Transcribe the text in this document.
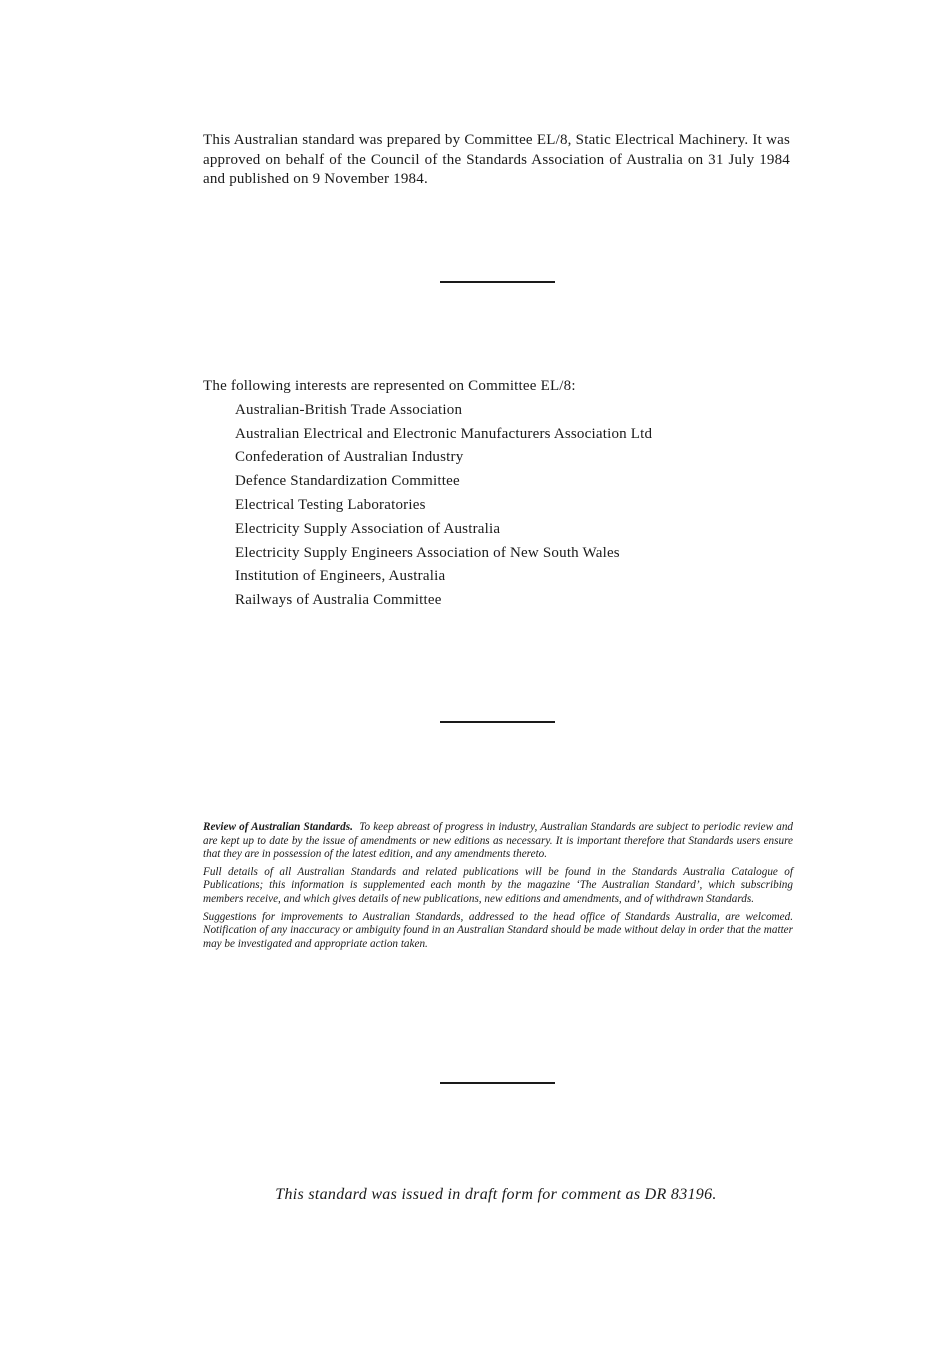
This Australian standard was prepared by Committee EL/8, Static Electrical Machinery. It was approved on behalf of the Council of the Standards Association of Australia on 31 July 1984 and published on 9 November 1984.
The following interests are represented on Committee EL/8:
Australian-British Trade Association
Australian Electrical and Electronic Manufacturers Association Ltd
Confederation of Australian Industry
Defence Standardization Committee
Electrical Testing Laboratories
Electricity Supply Association of Australia
Electricity Supply Engineers Association of New South Wales
Institution of Engineers, Australia
Railways of Australia Committee

Review of Australian Standards. To keep abreast of progress in industry, Australian Standards are subject to periodic review and are kept up to date by the issue of amendments or new editions as necessary. It is important therefore that Standards users ensure that they are in possession of the latest edition, and any amendments thereto.

Full details of all Australian Standards and related publications will be found in the Standards Australia Catalogue of Publications; this information is supplemented each month by the magazine ‘The Australian Standard’, which subscribing members receive, and which gives details of new publications, new editions and amendments, and of withdrawn Standards.

Suggestions for improvements to Australian Standards, addressed to the head office of Standards Australia, are welcomed. Notification of any inaccuracy or ambiguity found in an Australian Standard should be made without delay in order that the matter may be investigated and appropriate action taken.

This standard was issued in draft form for comment as DR 83196.
